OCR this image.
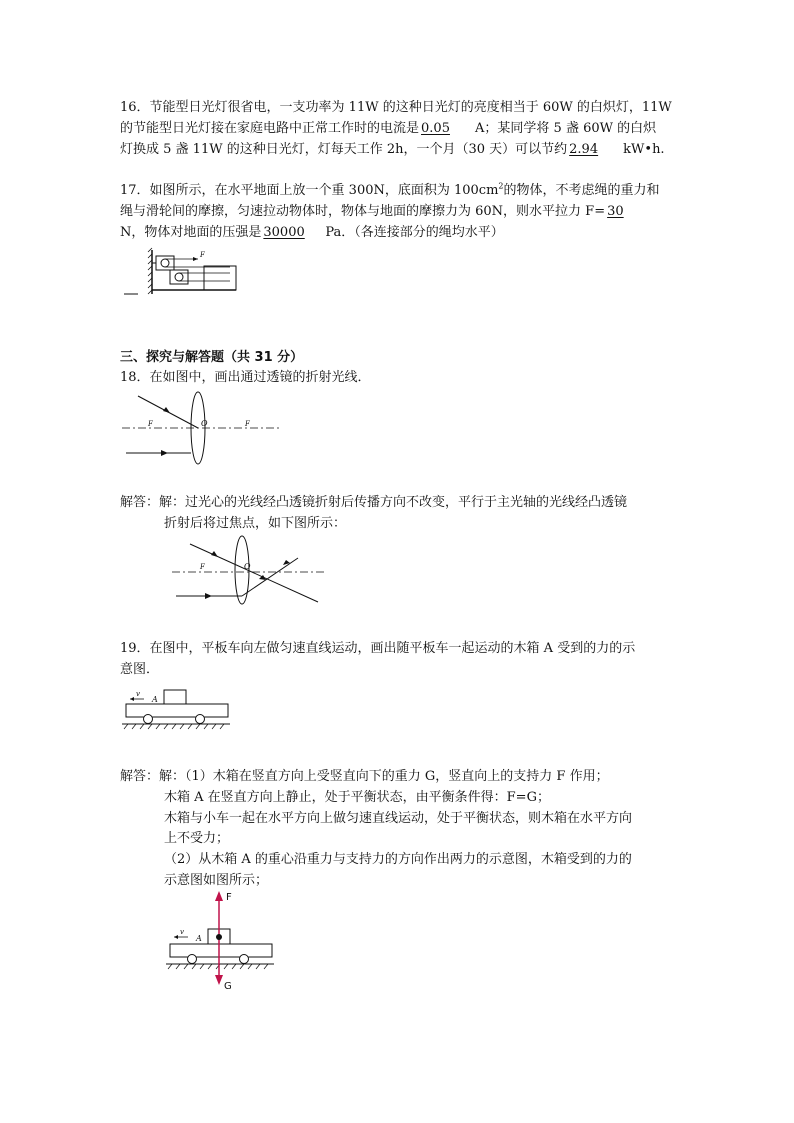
16．节能型日光灯很省电，一支功率为 11W 的这种日光灯的亮度相当于 60W 的白炽灯，11W
的节能型日光灯接在家庭电路中正常工作时的电流是 0.05 A；某同学将 5 盏 60W 的白炽
灯换成 5 盏 11W 的这种日光灯，灯每天工作 2h，一个月（30 天）可以节约 2.94 kW•h.
17．如图所示，在水平地面上放一个重 300N，底面积为 $100cm^2$的物体，不考虑绳的重力和
绳与滑轮间的摩擦，匀速拉动物体时，物体与地面的摩擦力为 60N，则水平拉力 F= 30
N，物体对地面的压强是 30000 Pa．（各连接部分的绳均水平）
F
三、探究与解答题（共 31 分）
18．在如图中，画出通过透镜的折射光线．
F	O	F
解答：解：过光心的光线经凸透镜折射后传播方向不改变，平行于主光轴的光线经凸透镜
折射后将过焦点，如下图所示：
F	O
19．在图中，平板车向左做匀速直线运动，画出随平板车一起运动的木箱 A 受到的力的示
意图．
v
A
解答：解：（1）木箱在竖直方向上受竖直向下的重力 G，竖直向上的支持力 F 作用；
木箱 A 在竖直方向上静止，处于平衡状态，由平衡条件得：F=G；
木箱与小车一起在水平方向上做匀速直线运动，处于平衡状态，则木箱在水平方向
上不受力；
（2）从木箱 A 的重心沿重力与支持力的方向作出两力的示意图，木箱受到的力的
示意图如图所示；
v
A
F
G
